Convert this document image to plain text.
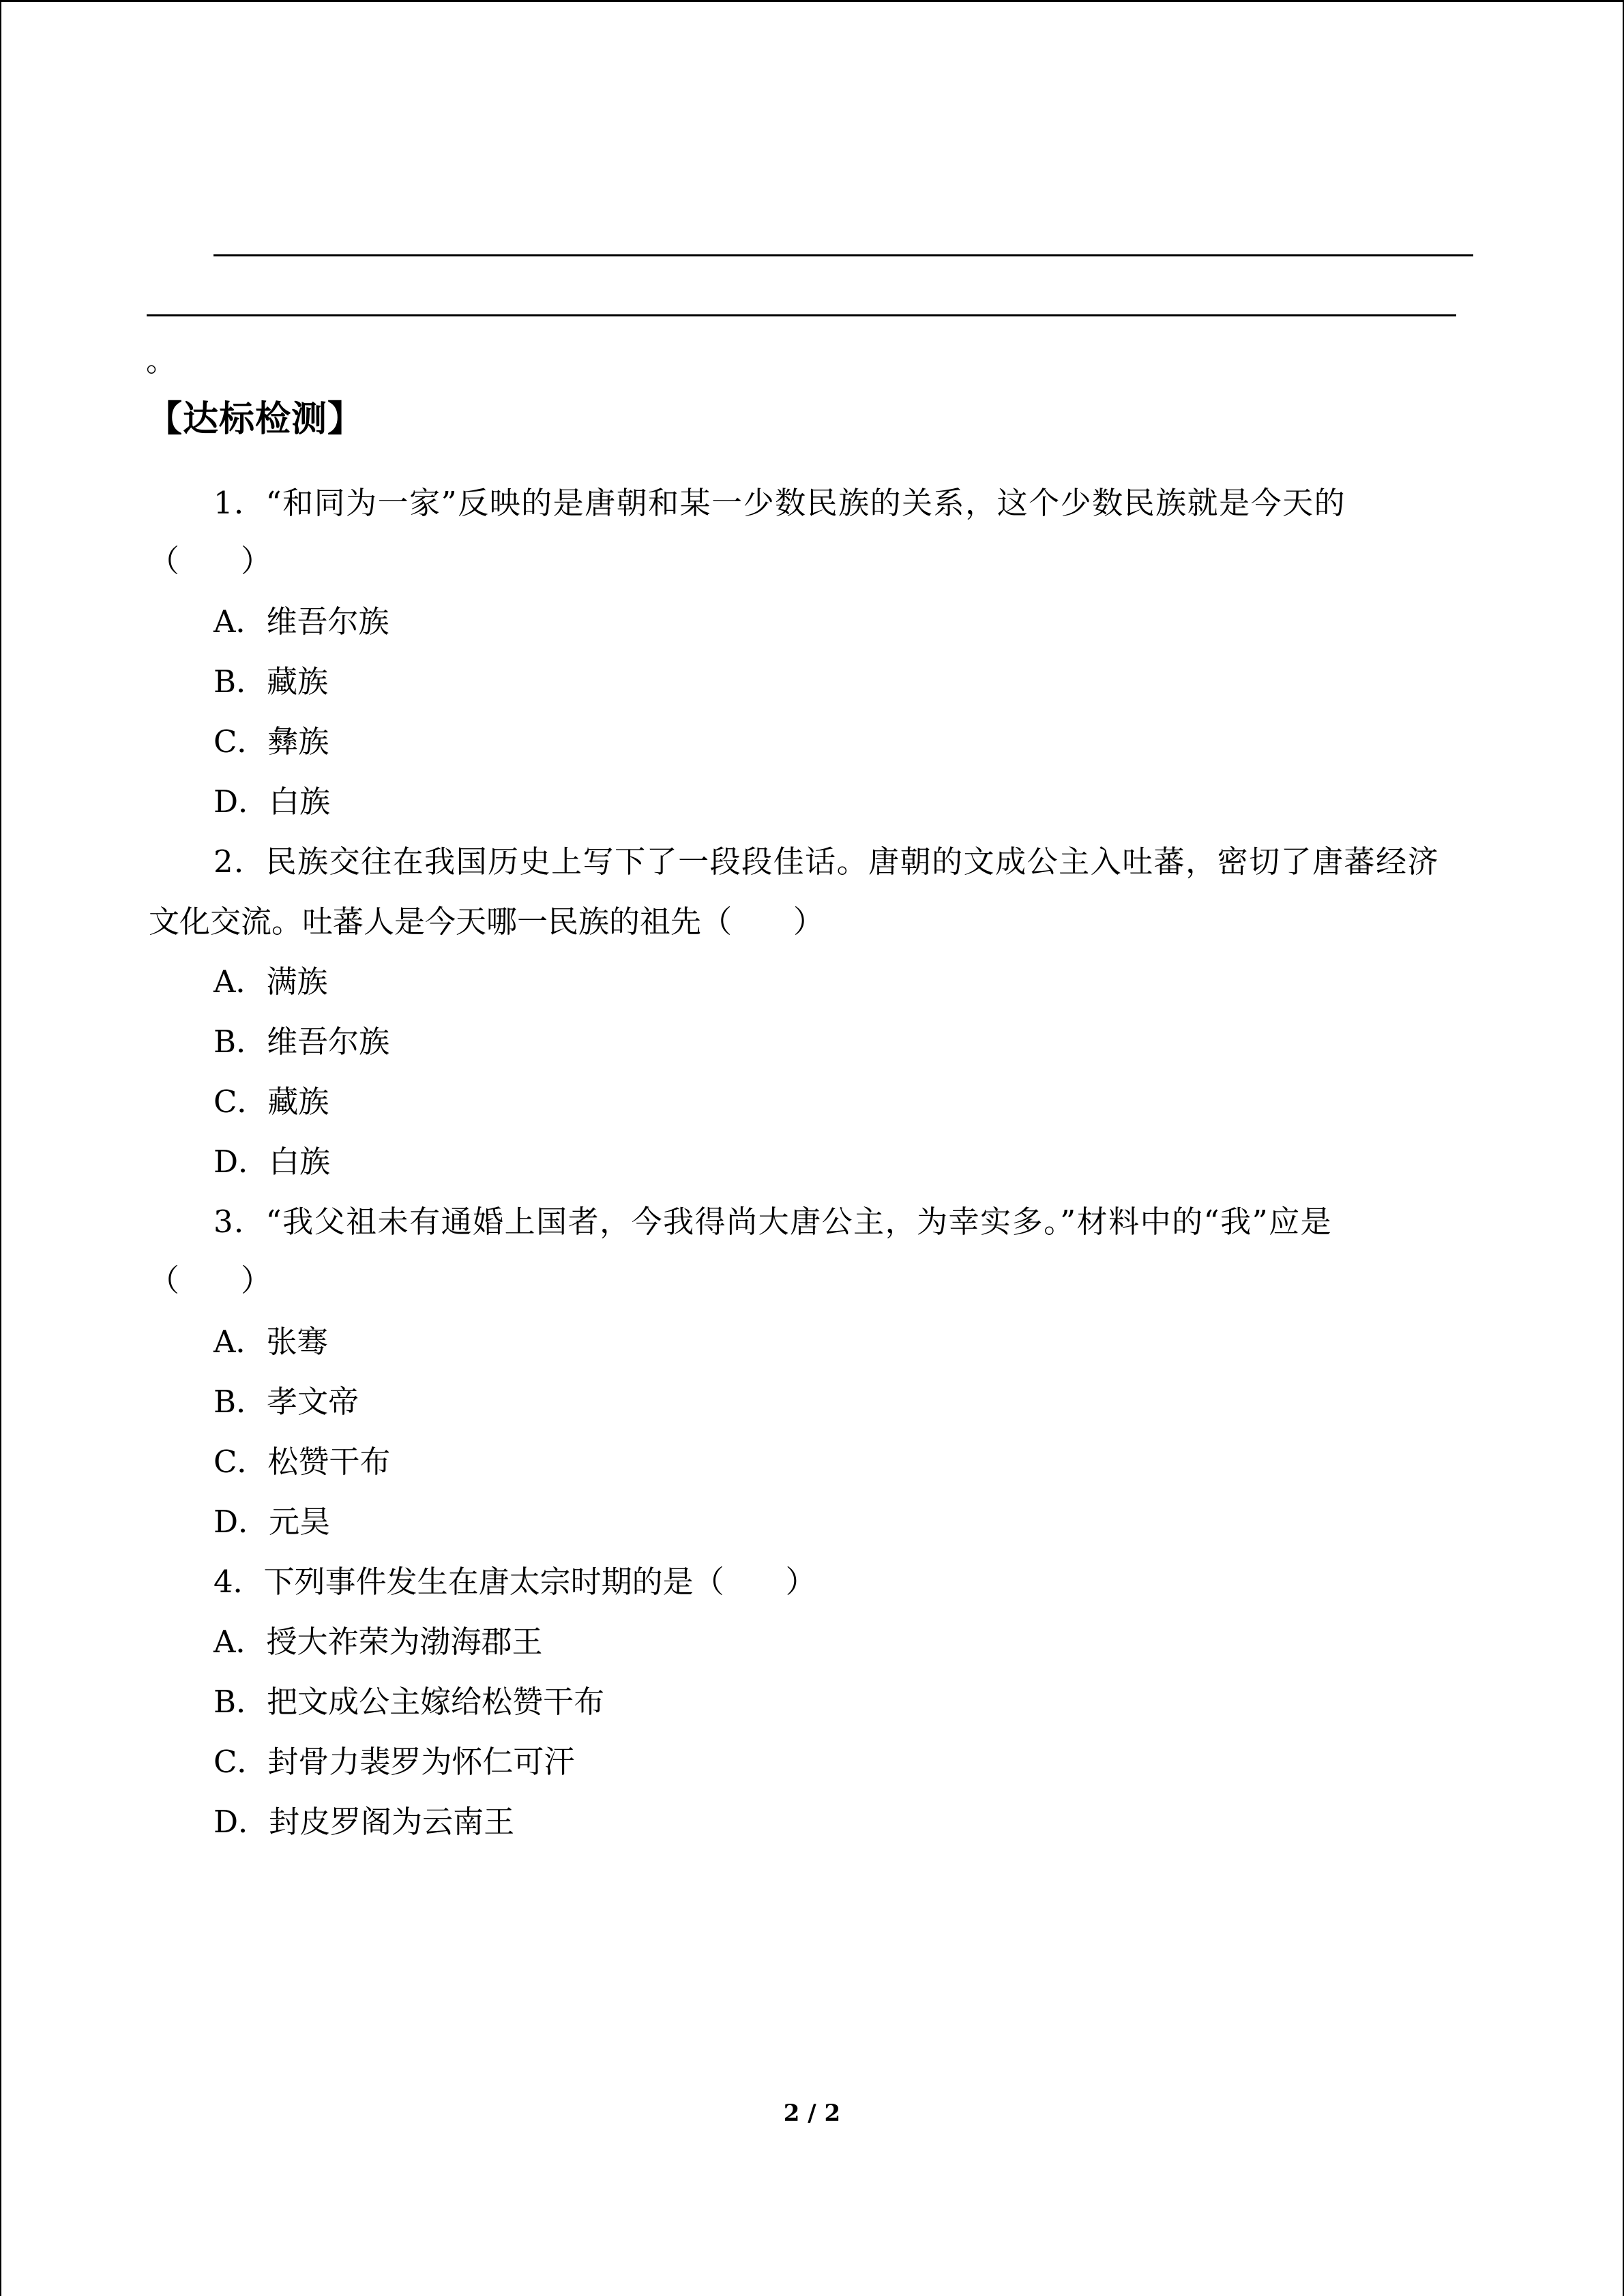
。
【达标检测】
1．“和同为一家”反映的是唐朝和某一少数民族的关系，这个少数民族就是今天的
（　　）
A．维吾尔族
B．藏族
C．彝族
D．白族
2．民族交往在我国历史上写下了一段段佳话。唐朝的文成公主入吐蕃，密切了唐蕃经济
文化交流。吐蕃人是今天哪一民族的祖先（　　）
A．满族
B．维吾尔族
C．藏族
D．白族
3．“我父祖未有通婚上国者，今我得尚大唐公主，为幸实多。”材料中的“我”应是
（　　）
A．张骞
B．孝文帝
C．松赞干布
D．元昊
4．下列事件发生在唐太宗时期的是（　　）
A．授大祚荣为渤海郡王
B．把文成公主嫁给松赞干布
C．封骨力裴罗为怀仁可汗
D．封皮罗阁为云南王
2 / 2
